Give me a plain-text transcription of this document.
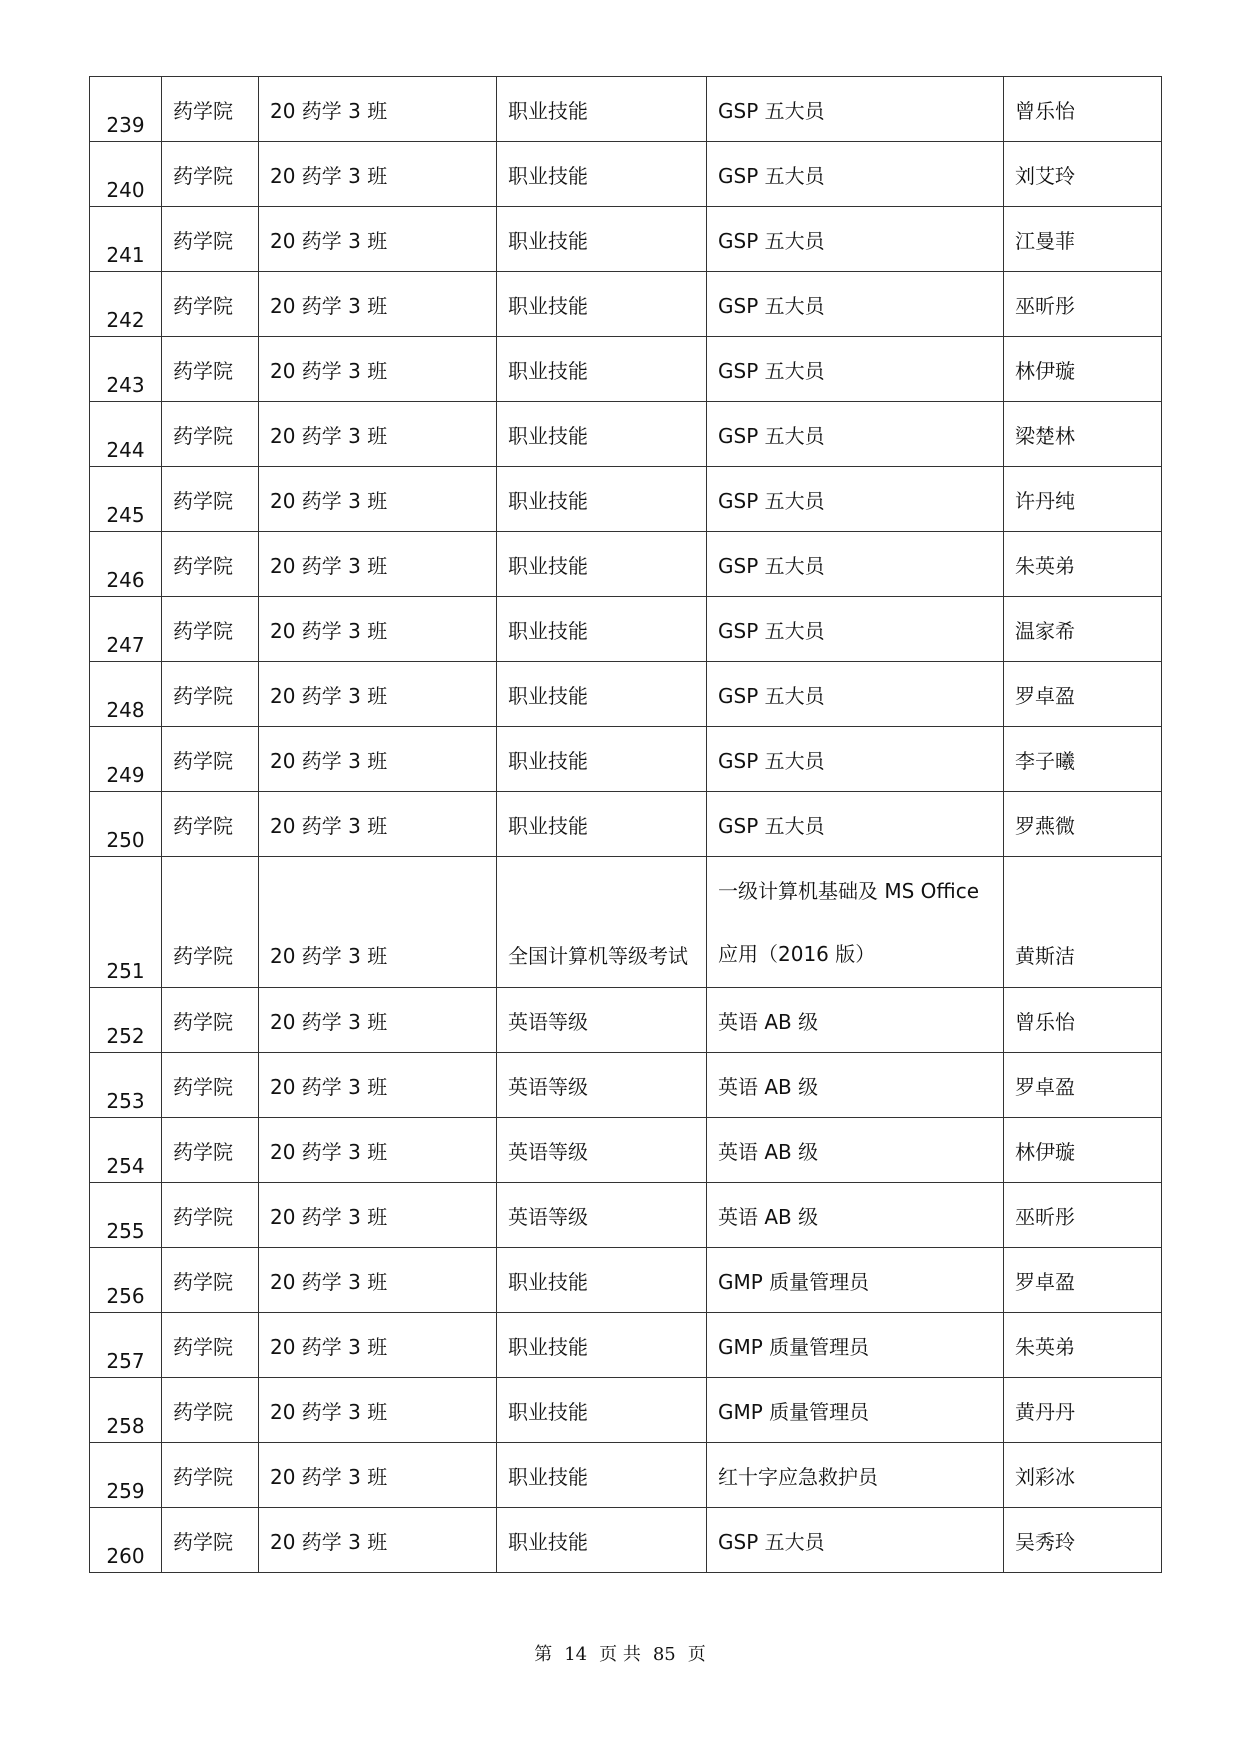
239	药学院	20 药学 3 班	职业技能	GSP 五大员	曾乐怡

240	药学院	20 药学 3 班	职业技能	GSP 五大员	刘艾玲

241	药学院	20 药学 3 班	职业技能	GSP 五大员	江曼菲

242	药学院	20 药学 3 班	职业技能	GSP 五大员	巫昕彤

243	药学院	20 药学 3 班	职业技能	GSP 五大员	林伊璇

244	药学院	20 药学 3 班	职业技能	GSP 五大员	梁楚林

245	药学院	20 药学 3 班	职业技能	GSP 五大员	许丹纯

246	药学院	20 药学 3 班	职业技能	GSP 五大员	朱英弟

247	药学院	20 药学 3 班	职业技能	GSP 五大员	温家希

248	药学院	20 药学 3 班	职业技能	GSP 五大员	罗卓盈

249	药学院	20 药学 3 班	职业技能	GSP 五大员	李子曦

250	药学院	20 药学 3 班	职业技能	GSP 五大员	罗燕微

251	药学院	20 药学 3 班	全国计算机等级考试	一级计算机基础及 MS Office
应用（2016 版）	黄斯洁

252	药学院	20 药学 3 班	英语等级	英语 AB 级	曾乐怡

253	药学院	20 药学 3 班	英语等级	英语 AB 级	罗卓盈

254	药学院	20 药学 3 班	英语等级	英语 AB 级	林伊璇

255	药学院	20 药学 3 班	英语等级	英语 AB 级	巫昕彤

256	药学院	20 药学 3 班	职业技能	GMP 质量管理员	罗卓盈

257	药学院	20 药学 3 班	职业技能	GMP 质量管理员	朱英弟

258	药学院	20 药学 3 班	职业技能	GMP 质量管理员	黄丹丹

259	药学院	20 药学 3 班	职业技能	红十字应急救护员	刘彩冰

260	药学院	20 药学 3 班	职业技能	GSP 五大员	吴秀玲
第 14 页 共 85 页
